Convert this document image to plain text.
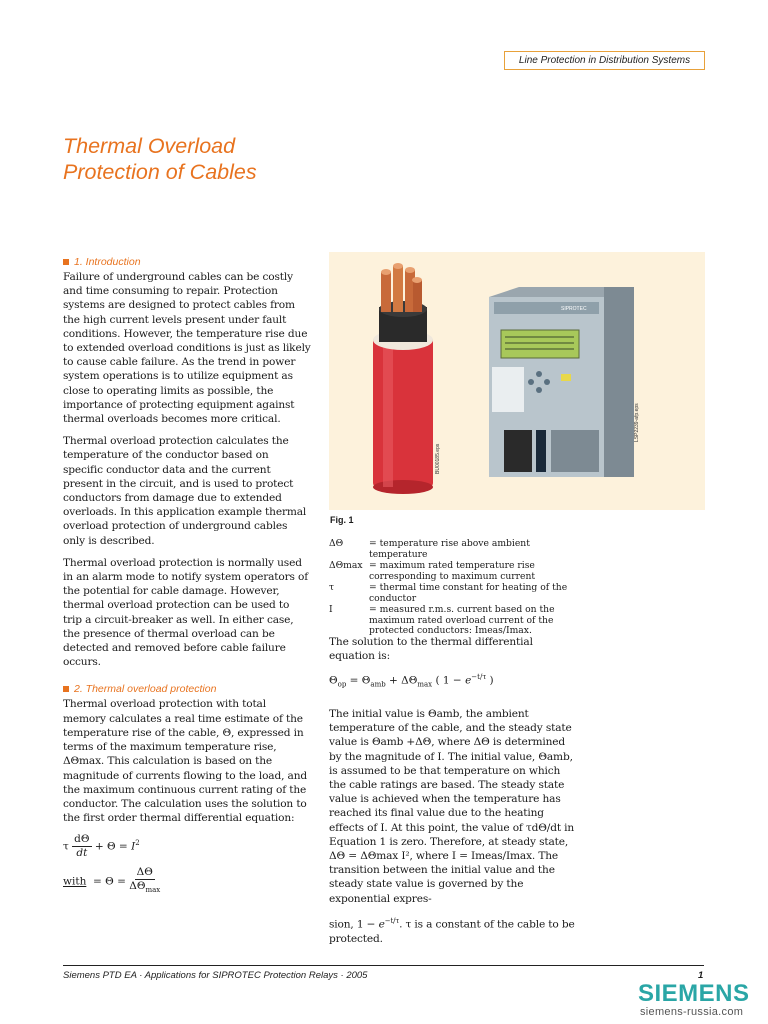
Line Protection in Distribution Systems
Thermal Overload
Protection of Cables
1. Introduction

Failure of underground cables can be costly and time consuming to repair. Protection systems are designed to protect cables from the high current levels present under fault conditions. However, the temperature rise due to extended overload conditions is just as likely to cause cable failure. As the trend in power system operations is to utilize equipment as close to operating limits as possible, the importance of protecting equipment against thermal overloads becomes more critical.

Thermal overload protection calculates the temperature of the conductor based on specific conductor data and the current present in the circuit, and is used to protect conductors from damage due to extended overloads. In this application example thermal overload protection of underground cables only is described.

Thermal overload protection is normally used in an alarm mode to notify system operators of the potential for cable damage. However, thermal overload protection can be used to trip a circuit-breaker as well. In either case, the presence of thermal overload can be detected and removed before cable failure occurs.

2. Thermal overload protection

Thermal overload protection with total memory calculates a real time estimate of the temperature rise of the cable, Θ, expressed in terms of the maximum temperature rise, ΔΘmax. This calculation is based on the magnitude of currents flowing to the load, and the maximum continuous current rating of the conductor. The calculation uses the solution to the first order thermal differential equation:

τ $\frac{d\Theta}{dt} + \Theta = I^2$
with  = $\Theta = \frac{\Delta\Theta}{\Delta\Theta_{max}}$
BU00185.eps
SIPROTEC
LSP2239-afp.eps
Fig. 1
ΔΘ	= temperature rise above ambient temperature
ΔΘmax = maximum rated temperature rise corresponding to maximum current
τ	= thermal time constant for heating of the conductor
I	= measured r.m.s. current based on the maximum rated overload current of the protected conductors: Imeas/Imax.

The solution to the thermal differential equation is:

$\Theta_{op} = \Theta_{amb} + \Delta\Theta_{max}$ ( $1 - e^{-t/\tau}$ )

The initial value is Θamb, the ambient temperature of the cable, and the steady state value is Θamb +ΔΘ, where ΔΘ is determined by the magnitude of I. The initial value, Θamb, is assumed to be that temperature on which the cable ratings are based. The steady state value is achieved when the temperature has reached its final value due to the heating effects of I. At this point, the value of τdΘ/dt in Equation 1 is zero. Therefore, at steady state, ΔΘ = ΔΘmax I², where I = Imeas/Imax. The transition between the initial value and the steady state value is governed by the exponential expres-

sion, $1 - e^{-t/\tau}$. τ is a constant of the cable to be protected.

Siemens PTD EA · Applications for SIPROTEC Protection Relays · 2005	1
SIEMENS
siemens-russia.com
